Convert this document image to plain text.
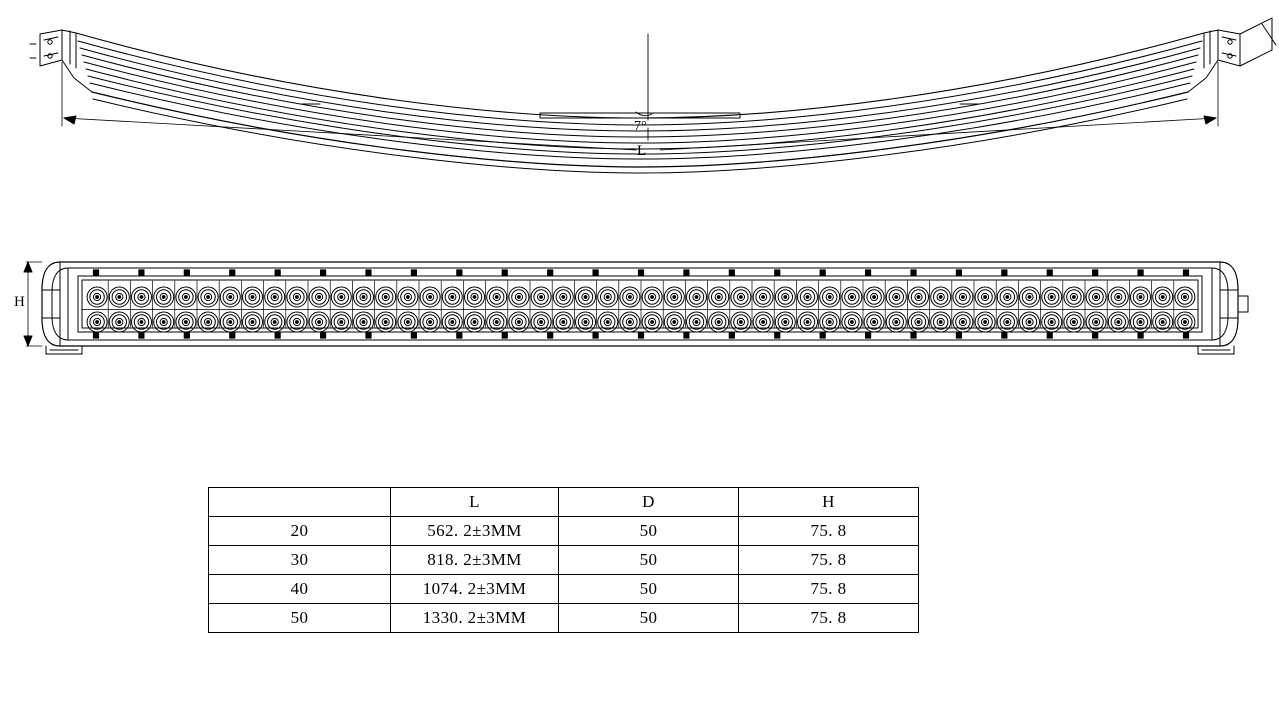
7°
L
H
	L	D	H
20	562. 2±3MM	50	75. 8
30	818. 2±3MM	50	75. 8
40	1074. 2±3MM	50	75. 8
50	1330. 2±3MM	50	75. 8
